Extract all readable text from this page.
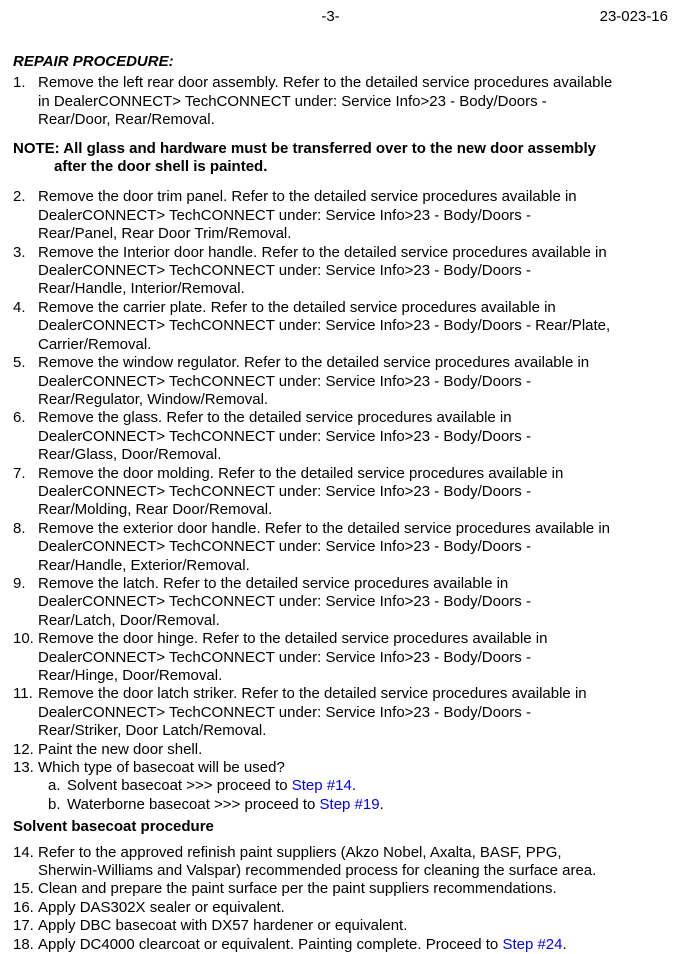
-3-	23-023-16
REPAIR PROCEDURE:
1. Remove the left rear door assembly. Refer to the detailed service procedures available
in DealerCONNECT> TechCONNECT under: Service Info>23 - Body/Doors -
Rear/Door, Rear/Removal.
NOTE: All glass and hardware must be transferred over to the new door assembly
after the door shell is painted.
2. Remove the door trim panel. Refer to the detailed service procedures available in
DealerCONNECT> TechCONNECT under: Service Info>23 - Body/Doors -
Rear/Panel, Rear Door Trim/Removal.
3. Remove the Interior door handle. Refer to the detailed service procedures available in
DealerCONNECT> TechCONNECT under: Service Info>23 - Body/Doors -
Rear/Handle, Interior/Removal.
4. Remove the carrier plate. Refer to the detailed service procedures available in
DealerCONNECT> TechCONNECT under: Service Info>23 - Body/Doors - Rear/Plate,
Carrier/Removal.
5. Remove the window regulator. Refer to the detailed service procedures available in
DealerCONNECT> TechCONNECT under: Service Info>23 - Body/Doors -
Rear/Regulator, Window/Removal.
6. Remove the glass. Refer to the detailed service procedures available in
DealerCONNECT> TechCONNECT under: Service Info>23 - Body/Doors -
Rear/Glass, Door/Removal.
7. Remove the door molding. Refer to the detailed service procedures available in
DealerCONNECT> TechCONNECT under: Service Info>23 - Body/Doors -
Rear/Molding, Rear Door/Removal.
8. Remove the exterior door handle. Refer to the detailed service procedures available in
DealerCONNECT> TechCONNECT under: Service Info>23 - Body/Doors -
Rear/Handle, Exterior/Removal.
9. Remove the latch. Refer to the detailed service procedures available in
DealerCONNECT> TechCONNECT under: Service Info>23 - Body/Doors -
Rear/Latch, Door/Removal.
10. Remove the door hinge. Refer to the detailed service procedures available in
DealerCONNECT> TechCONNECT under: Service Info>23 - Body/Doors -
Rear/Hinge, Door/Removal.
11. Remove the door latch striker. Refer to the detailed service procedures available in
DealerCONNECT> TechCONNECT under: Service Info>23 - Body/Doors -
Rear/Striker, Door Latch/Removal.
12. Paint the new door shell.
13. Which type of basecoat will be used?
a. Solvent basecoat >>> proceed to Step #14.
b. Waterborne basecoat >>> proceed to Step #19.
Solvent basecoat procedure
14. Refer to the approved refinish paint suppliers (Akzo Nobel, Axalta, BASF, PPG,
Sherwin-Williams and Valspar) recommended process for cleaning the surface area.
15. Clean and prepare the paint surface per the paint suppliers recommendations.
16. Apply DAS302X sealer or equivalent.
17. Apply DBC basecoat with DX57 hardener or equivalent.
18. Apply DC4000 clearcoat or equivalent. Painting complete. Proceed to Step #24.
